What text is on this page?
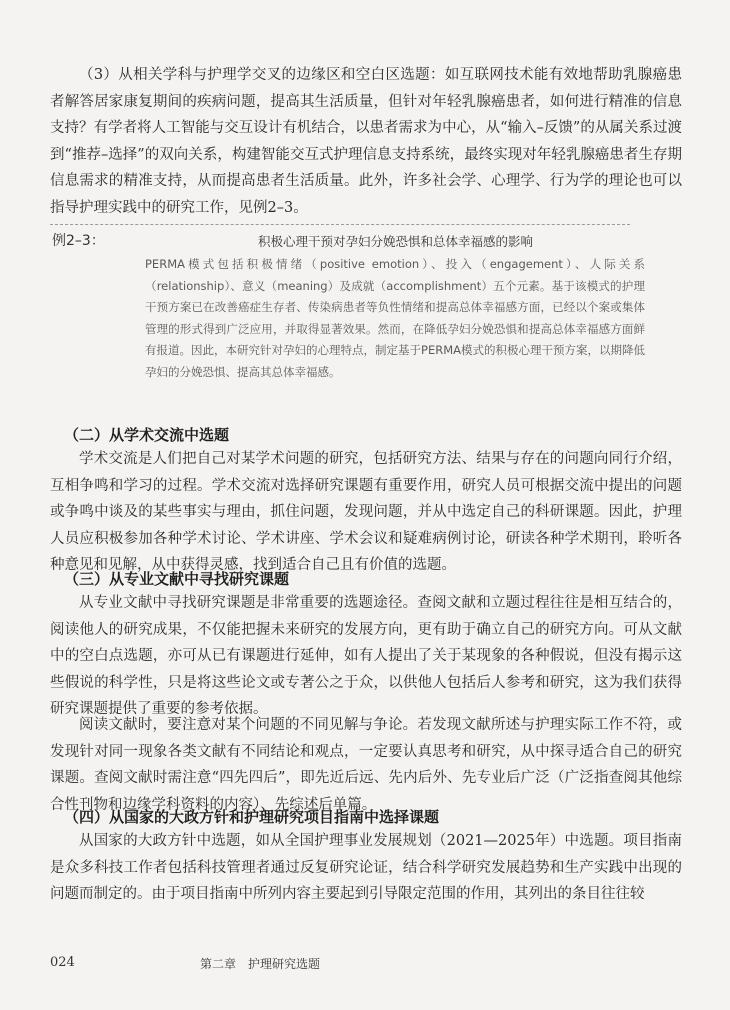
（3）从相关学科与护理学交叉的边缘区和空白区选题：如互联网技术能有效地帮助乳腺癌患者解答居家康复期间的疾病问题，提高其生活质量，但针对年轻乳腺癌患者，如何进行精准的信息支持？有学者将人工智能与交互设计有机结合，以患者需求为中心，从“输入–反馈”的从属关系过渡到“推荐–选择”的双向关系，构建智能交互式护理信息支持系统，最终实现对年轻乳腺癌患者生存期信息需求的精准支持，从而提高患者生活质量。此外，许多社会学、心理学、行为学的理论也可以指导护理实践中的研究工作，见例2–3。

例2–3：	积极心理干预对孕妇分娩恐惧和总体幸福感的影响

PERMA模式包括积极情绪（positive emotion）、投入（engagement）、人际关系（relationship）、意义（meaning）及成就（accomplishment）五个元素。基于该模式的护理干预方案已在改善癌症生存者、传染病患者等负性情绪和提高总体幸福感方面，已经以个案或集体管理的形式得到广泛应用，并取得显著效果。然而，在降低孕妇分娩恐惧和提高总体幸福感方面鲜有报道。因此，本研究针对孕妇的心理特点，制定基于PERMA模式的积极心理干预方案，以期降低孕妇的分娩恐惧、提高其总体幸福感。

（二）从学术交流中选题

学术交流是人们把自己对某学术问题的研究，包括研究方法、结果与存在的问题向同行介绍，互相争鸣和学习的过程。学术交流对选择研究课题有重要作用，研究人员可根据交流中提出的问题或争鸣中谈及的某些事实与理由，抓住问题，发现问题，并从中选定自己的科研课题。因此，护理人员应积极参加各种学术讨论、学术讲座、学术会议和疑难病例讨论，研读各种学术期刊，聆听各种意见和见解，从中获得灵感，找到适合自己且有价值的选题。

（三）从专业文献中寻找研究课题

从专业文献中寻找研究课题是非常重要的选题途径。查阅文献和立题过程往往是相互结合的，阅读他人的研究成果，不仅能把握未来研究的发展方向，更有助于确立自己的研究方向。可从文献中的空白点选题，亦可从已有课题进行延伸，如有人提出了关于某现象的各种假说，但没有揭示这些假说的科学性，只是将这些论文或专著公之于众，以供他人包括后人参考和研究，这为我们获得研究课题提供了重要的参考依据。

阅读文献时，要注意对某个问题的不同见解与争论。若发现文献所述与护理实际工作不符，或发现针对同一现象各类文献有不同结论和观点，一定要认真思考和研究，从中探寻适合自己的研究课题。查阅文献时需注意“四先四后”，即先近后远、先内后外、先专业后广泛（广泛指查阅其他综合性刊物和边缘学科资料的内容）、先综述后单篇。

（四）从国家的大政方针和护理研究项目指南中选择课题

从国家的大政方针中选题，如从全国护理事业发展规划（2021—2025年）中选题。项目指南是众多科技工作者包括科技管理者通过反复研究论证，结合科学研究发展趋势和生产实践中出现的问题而制定的。由于项目指南中所列内容主要起到引导限定范围的作用，其列出的条目往往较

024	第二章　护理研究选题
